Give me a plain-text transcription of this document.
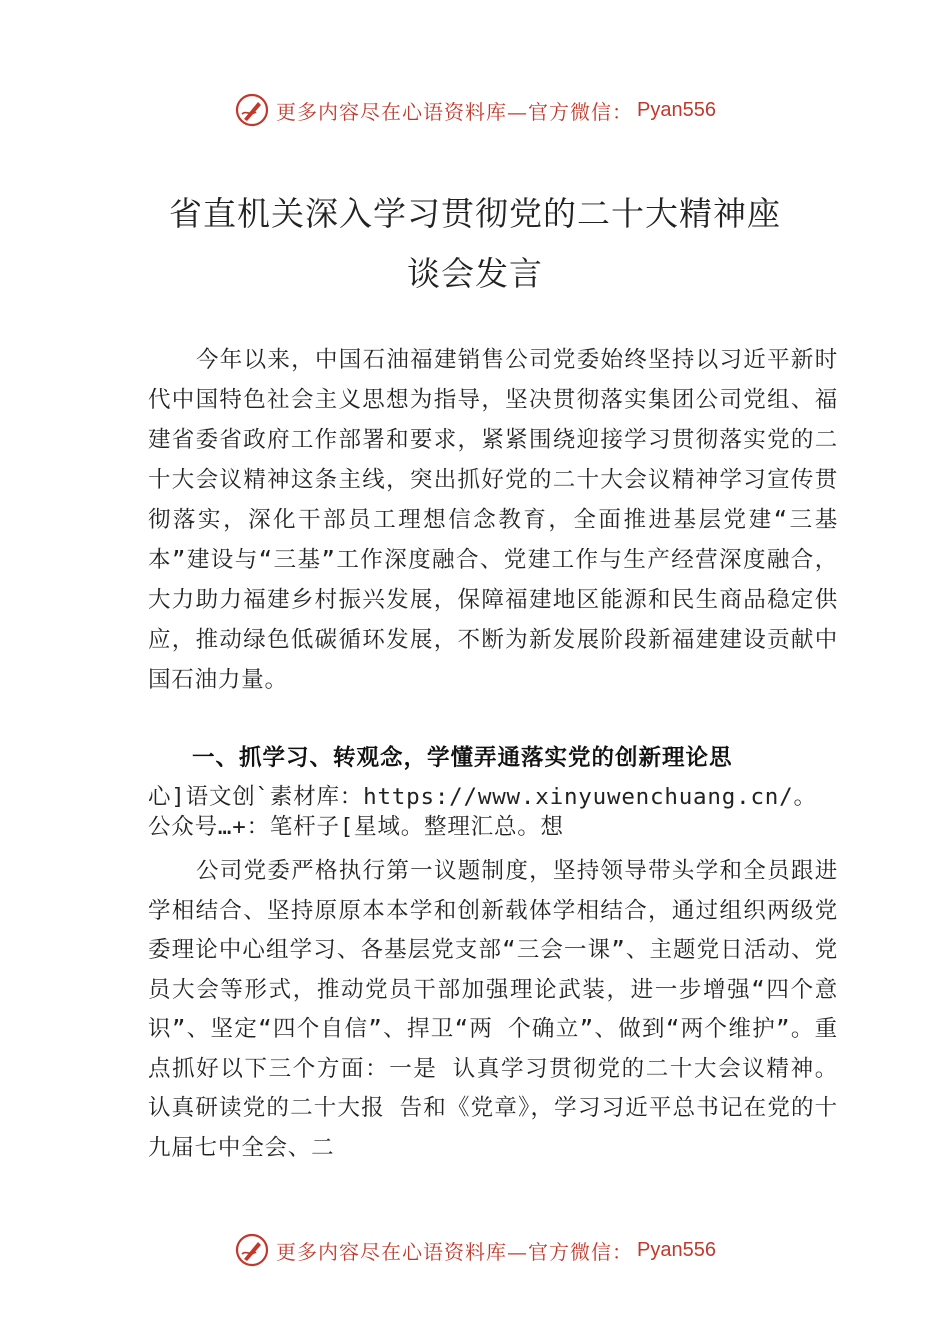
更多内容尽在心语资料库—官方微信： Pyan556
省直机关深入学习贯彻党的二十大精神座
谈会发言

今年以来，中国石油福建销售公司党委始终坚持以习近平新时代中国特色社会主义思想为指导，坚决贯彻落实集团公司党组、福建省委省政府工作部署和要求，紧紧围绕迎接学习贯彻落实党的二十大会议精神这条主线，突出抓好党的二十大会议精神学习宣传贯彻落实，深化干部员工理想信念教育，全面推进基层党建“三基本”建设与“三基”工作深度融合、党建工作与生产经营深度融合，大力助力福建乡村振兴发展，保障福建地区能源和民生商品稳定供应，推动绿色低碳循环发展，不断为新发展阶段新福建建设贡献中国石油力量。

一、抓学习、转观念，学懂弄通落实党的创新理论思

心]语文创`素材库：https://www.xinyuwenchuang.cn/。公众号…+：笔杆子[星域。整理汇总。想

公司党委严格执行第一议题制度，坚持领导带头学和全员跟进学相结合、坚持原原本本学和创新载体学相结合，通过组织两级党委理论中心组学习、各基层党支部“三会一课”、主题党日活动、党员大会等形式，推动党员干部加强理论武装，进一步增强“四个意识”、坚定“四个自信”、捍卫“两 个确立”、做到“两个维护”。重点抓好以下三个方面：一是 认真学习贯彻党的二十大会议精神。认真研读党的二十大报 告和《党章》，学习习近平总书记在党的十九届七中全会、二

更多内容尽在心语资料库—官方微信： Pyan556
